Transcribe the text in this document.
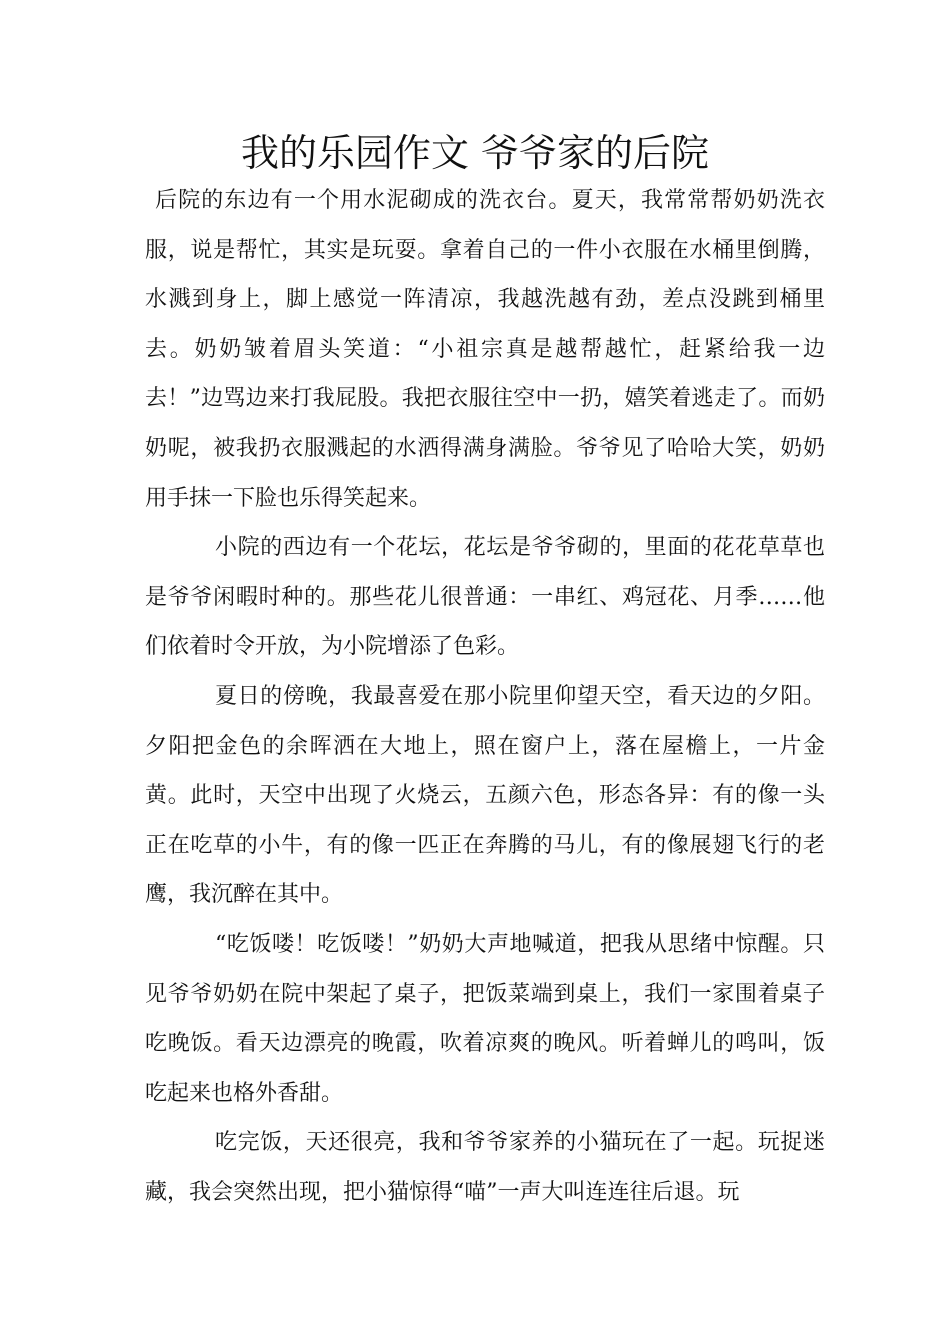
我的乐园作文 爷爷家的后院

后院的东边有一个用水泥砌成的洗衣台。夏天，我常常帮奶奶洗衣服，说是帮忙，其实是玩耍。拿着自己的一件小衣服在水桶里倒腾，水溅到身上，脚上感觉一阵清凉，我越洗越有劲，差点没跳到桶里去。奶奶皱着眉头笑道：“小祖宗真是越帮越忙，赶紧给我一边去！”边骂边来打我屁股。我把衣服往空中一扔，嬉笑着逃走了。而奶奶呢，被我扔衣服溅起的水洒得满身满脸。爷爷见了哈哈大笑，奶奶用手抹一下脸也乐得笑起来。

小院的西边有一个花坛，花坛是爷爷砌的，里面的花花草草也是爷爷闲暇时种的。那些花儿很普通：一串红、鸡冠花、月季……他们依着时令开放，为小院增添了色彩。

夏日的傍晚，我最喜爱在那小院里仰望天空，看天边的夕阳。夕阳把金色的余晖洒在大地上，照在窗户上，落在屋檐上，一片金黄。此时，天空中出现了火烧云，五颜六色，形态各异：有的像一头正在吃草的小牛，有的像一匹正在奔腾的马儿，有的像展翅飞行的老鹰，我沉醉在其中。

“吃饭喽！吃饭喽！”奶奶大声地喊道，把我从思绪中惊醒。只见爷爷奶奶在院中架起了桌子，把饭菜端到桌上，我们一家围着桌子吃晚饭。看天边漂亮的晚霞，吹着凉爽的晚风。听着蝉儿的鸣叫，饭吃起来也格外香甜。

吃完饭，天还很亮，我和爷爷家养的小猫玩在了一起。玩捉迷藏，我会突然出现，把小猫惊得“喵”一声大叫连连往后退。玩
